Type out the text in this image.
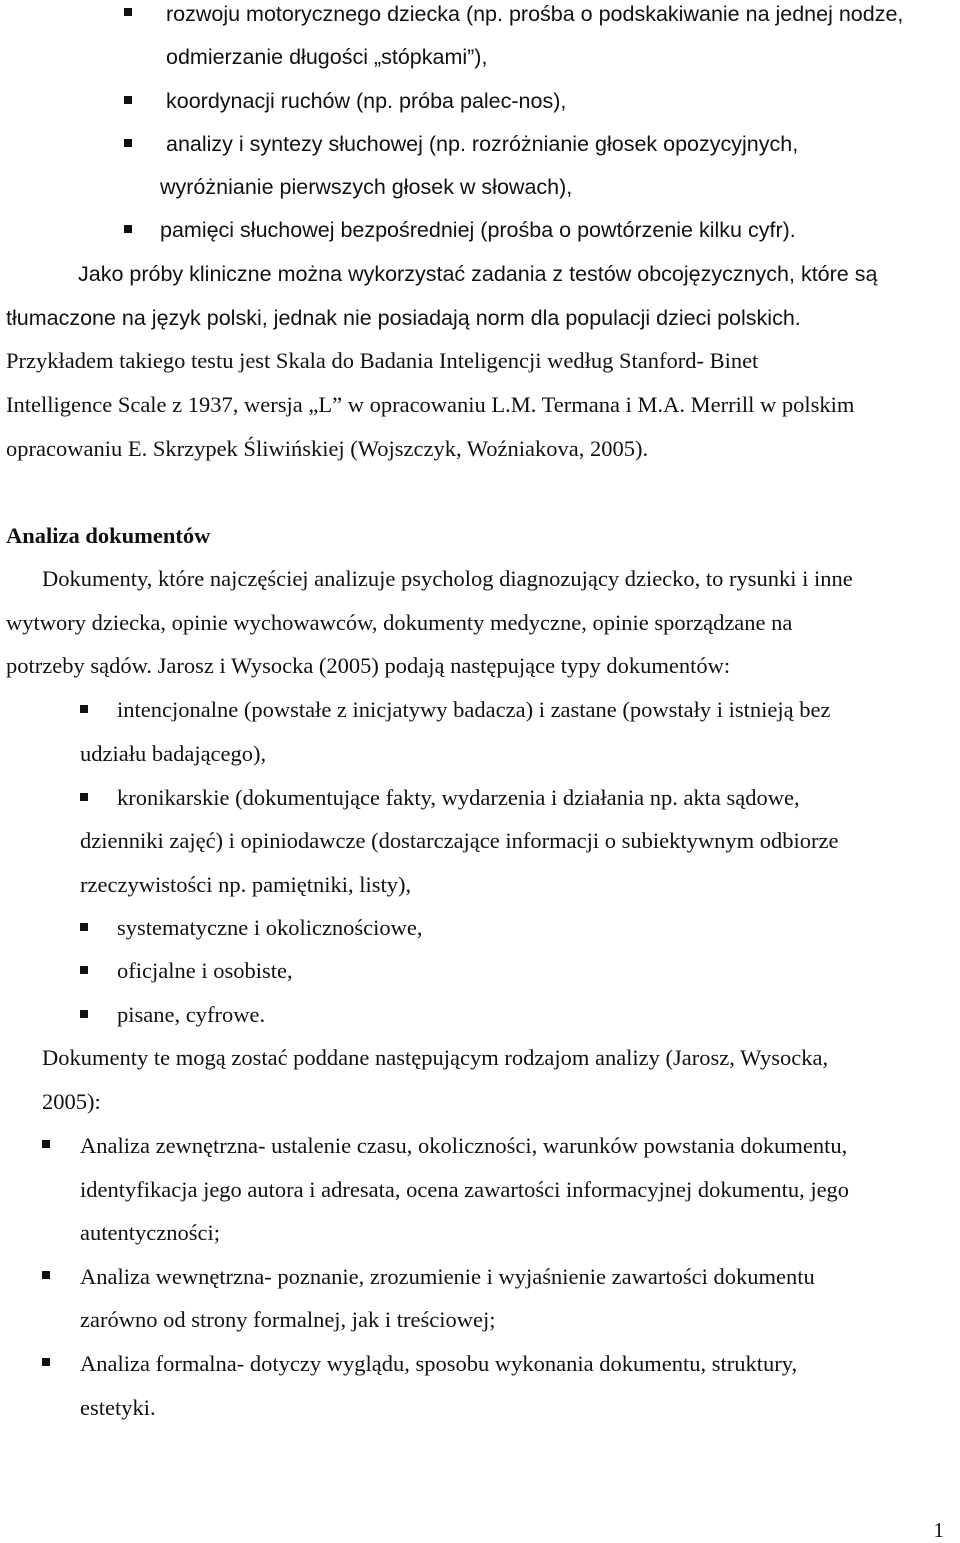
rozwoju motorycznego dziecka (np. prośba o podskakiwanie na jednej nodze,
odmierzanie długości „stópkami”),
koordynacji ruchów (np. próba palec-nos),
analizy i syntezy słuchowej (np. rozróżnianie głosek opozycyjnych,
wyróżnianie pierwszych głosek w słowach),
pamięci słuchowej bezpośredniej (prośba o powtórzenie kilku cyfr).
Jako próby kliniczne można wykorzystać zadania z testów obcojęzycznych, które są
tłumaczone na język polski, jednak nie posiadają norm dla populacji dzieci polskich.
Przykładem takiego testu jest Skala do Badania Inteligencji według Stanford- Binet
Intelligence Scale z 1937, wersja „L” w opracowaniu L.M. Termana i M.A. Merrill w polskim
opracowaniu E. Skrzypek Śliwińskiej (Wojszczyk, Woźniakova, 2005).
Analiza dokumentów
Dokumenty, które najczęściej analizuje psycholog diagnozujący dziecko, to rysunki i inne
wytwory dziecka, opinie wychowawców, dokumenty medyczne, opinie sporządzane na
potrzeby sądów. Jarosz i Wysocka (2005) podają następujące typy dokumentów:
intencjonalne (powstałe z inicjatywy badacza) i zastane (powstały i istnieją bez
udziału badającego),
kronikarskie (dokumentujące fakty, wydarzenia i działania np. akta sądowe,
dzienniki zajęć) i opiniodawcze (dostarczające informacji o subiektywnym odbiorze
rzeczywistości np. pamiętniki, listy),
systematyczne i okolicznościowe,
oficjalne i osobiste,
pisane, cyfrowe.
Dokumenty te mogą zostać poddane następującym rodzajom analizy (Jarosz, Wysocka,
2005):
Analiza zewnętrzna- ustalenie czasu, okoliczności, warunków powstania dokumentu,
identyfikacja jego autora i adresata, ocena zawartości informacyjnej dokumentu, jego
autentyczności;
Analiza wewnętrzna- poznanie, zrozumienie i wyjaśnienie zawartości dokumentu
zarówno od strony formalnej, jak i treściowej;
Analiza formalna- dotyczy wyglądu, sposobu wykonania dokumentu, struktury,
estetyki.
1
